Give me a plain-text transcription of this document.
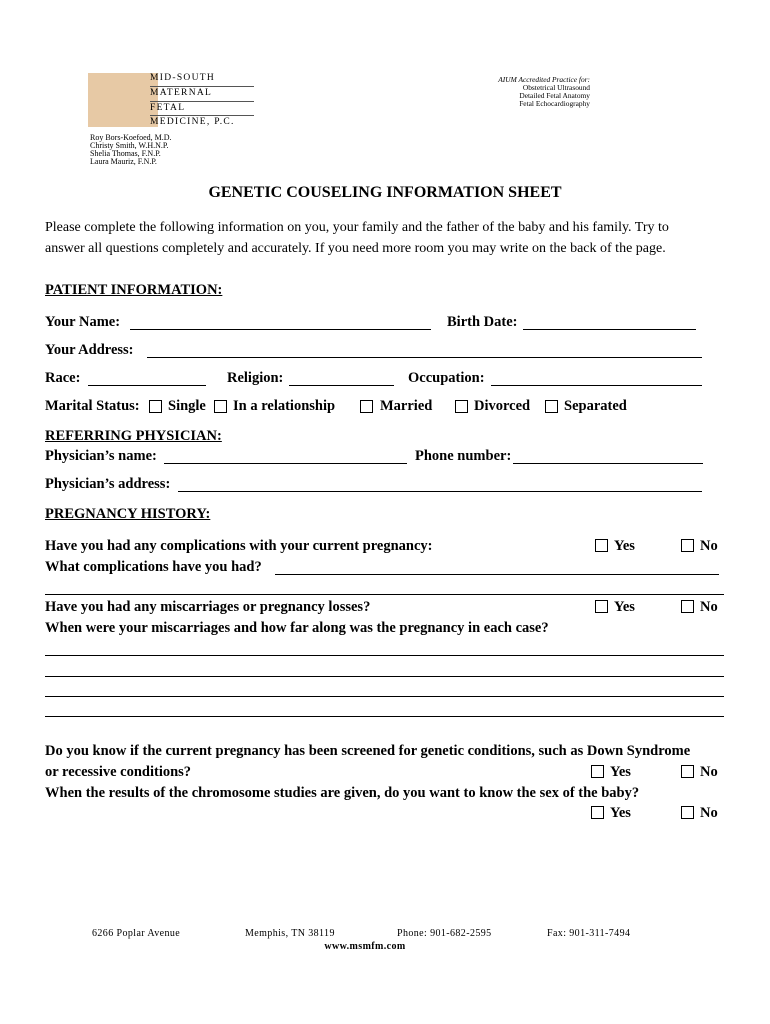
MID-SOUTH
MATERNAL
FETAL
MEDICINE, P.C.
Roy Bors-Koefoed, M.D.
Christy Smith, W.H.N.P.
Shelia Thomas, F.N.P.
Laura Mauriz, F.N.P.
AIUM Accredited Practice for:
Obstetrical Ultrasound
Detailed Fetal Anatomy
Fetal Echocardiography
GENETIC COUSELING INFORMATION SHEET
Please complete the following information on you, your family and the father of the baby and his family. Try to
answer all questions completely and accurately. If you need more room you may write on the back of the page.
PATIENT INFORMATION:
Your Name:	Birth Date:
Your Address:
Race:	Religion:	Occupation:
Marital Status: Single In a relationship	Married	Divorced Separated
REFERRING PHYSICIAN:
Physician’s name:	Phone number:
Physician’s address:
PREGNANCY HISTORY:
Have you had any complications with your current pregnancy:	Yes	No
What complications have you had?
Have you had any miscarriages or pregnancy losses?	Yes	No
When were your miscarriages and how far along was the pregnancy in each case?
Do you know if the current pregnancy has been screened for genetic conditions, such as Down Syndrome
or recessive conditions?	Yes	No
When the results of the chromosome studies are given, do you want to know the sex of the baby?
Yes	No
6266 Poplar Avenue	Memphis, TN 38119	Phone: 901-682-2595	Fax: 901-311-7494
www.msmfm.com
